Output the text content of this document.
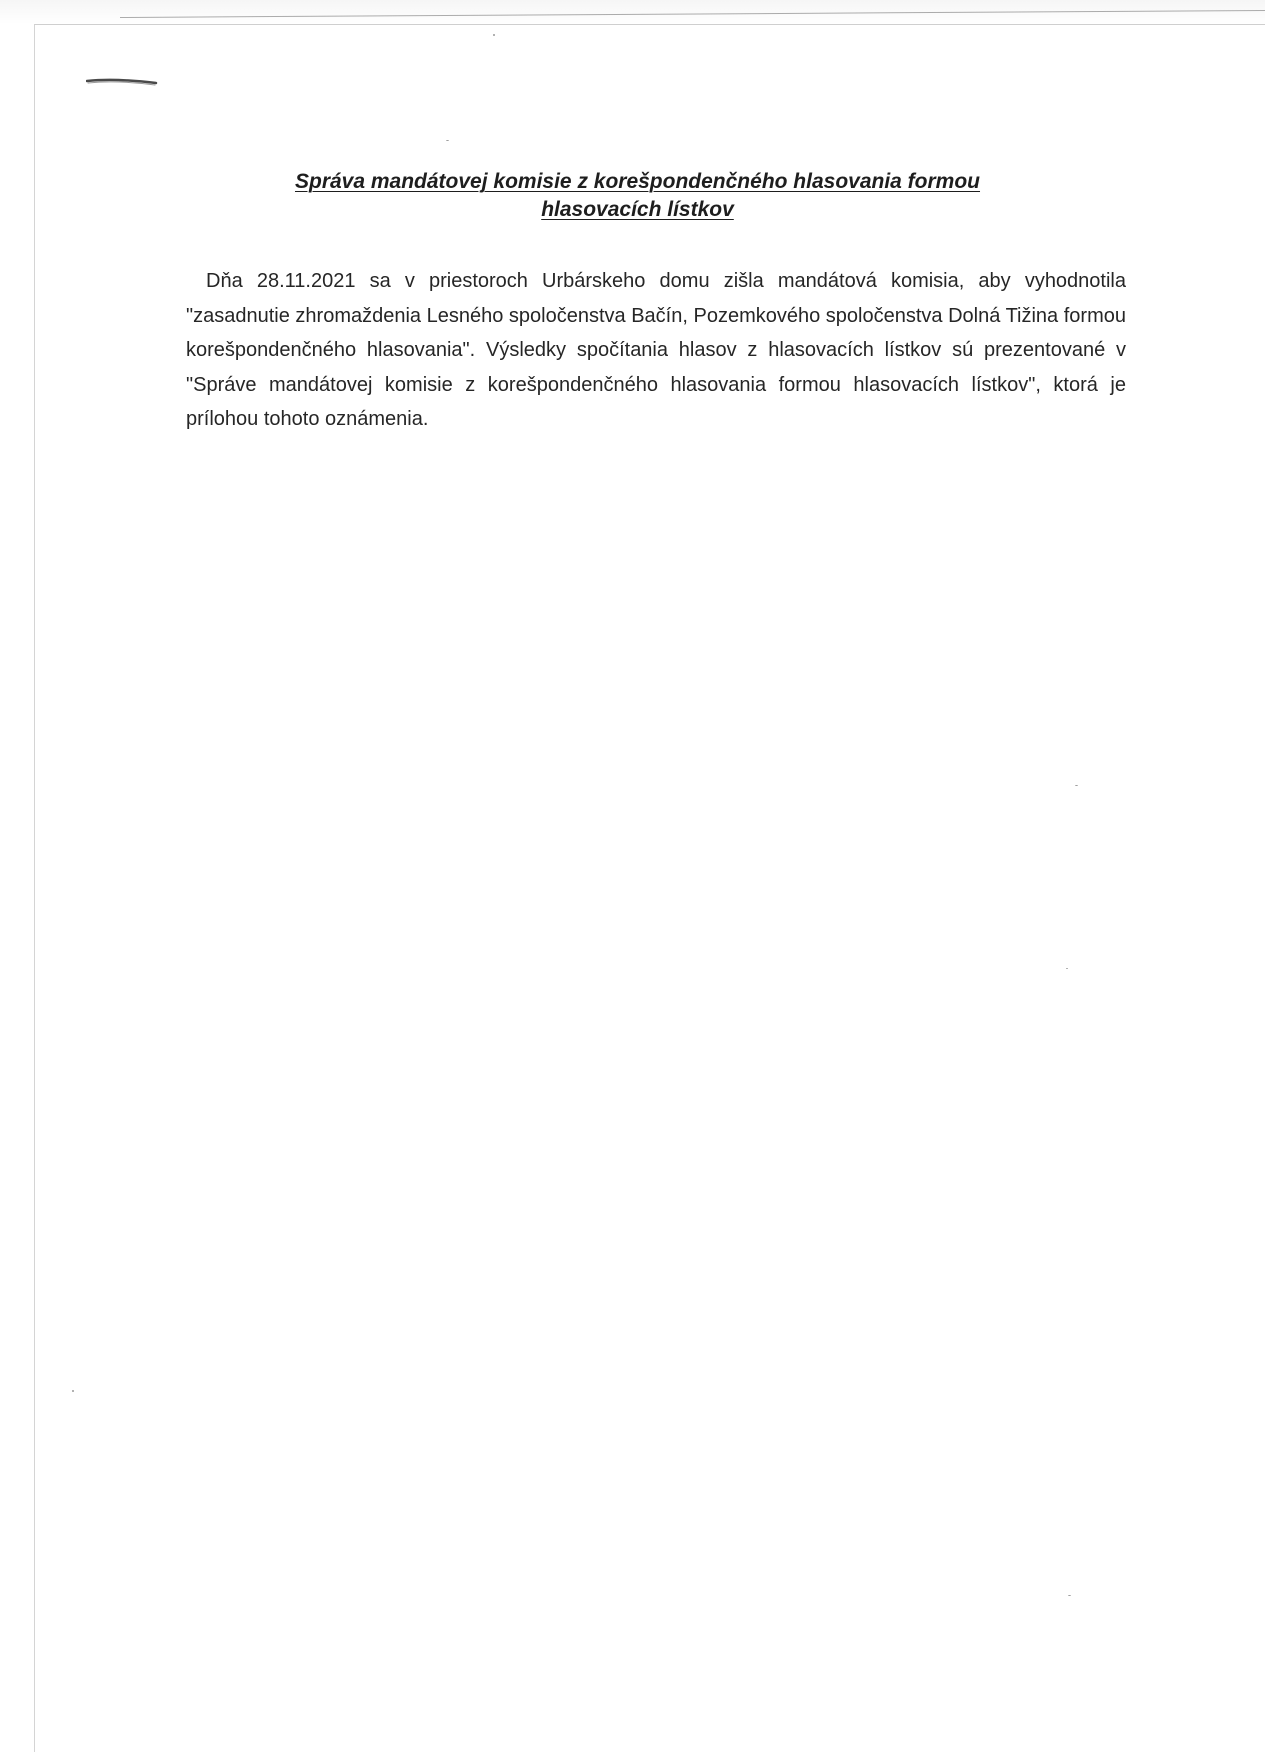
Správa mandátovej komisie z korešpondenčného hlasovania formou
hlasovacích lístkov

Dňa 28.11.2021 sa v priestoroch Urbárskeho domu zišla mandátová komisia, aby vyhodnotila "zasadnutie zhromaždenia Lesného spoločenstva Bačín, Pozemkového spoločenstva Dolná Tižina formou korešpondenčného hlasovania". Výsledky spočítania hlasov z hlasovacích lístkov sú prezentované v "Správe mandátovej komisie z korešpondenčného hlasovania formou hlasovacích lístkov", ktorá je prílohou tohoto oznámenia.
